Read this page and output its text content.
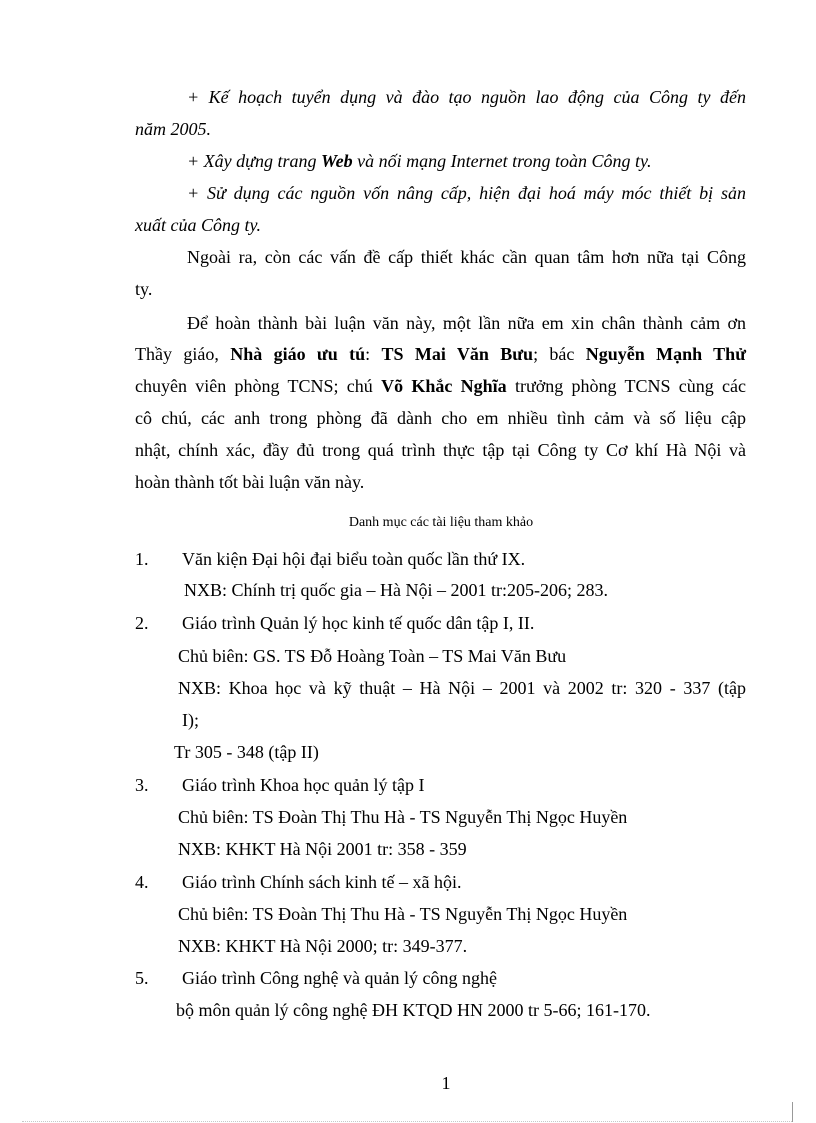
+ Kế hoạch tuyển dụng và đào tạo nguồn lao động của Công ty đến
năm 2005.
+ Xây dựng trang Web và nối mạng Internet trong toàn Công ty.
+ Sử dụng các nguồn vốn nâng cấp, hiện đại hoá máy móc thiết bị sản
xuất của Công ty.
Ngoài ra, còn các vấn đề cấp thiết khác cần quan tâm hơn nữa tại Công
ty.
Để hoàn thành bài luận văn này, một lần nữa em xin chân thành cảm ơn
Thầy giáo, Nhà giáo ưu tú: TS Mai Văn Bưu; bác Nguyễn Mạnh Thử
chuyên viên phòng TCNS; chú Võ Khắc Nghĩa trưởng phòng TCNS cùng các
cô chú, các anh trong phòng đã dành cho em nhiều tình cảm và số liệu cập
nhật, chính xác, đầy đủ trong quá trình thực tập tại Công ty Cơ khí Hà Nội và
hoàn thành tốt bài luận văn này.
Danh mục các tài liệu tham khảo
1. Văn kiện Đại hội đại biểu toàn quốc lần thứ IX.
NXB: Chính trị quốc gia – Hà Nội – 2001 tr:205-206; 283.
2. Giáo trình Quản lý học kinh tế quốc dân tập I, II.
Chủ biên: GS. TS Đỗ Hoàng Toàn – TS Mai Văn Bưu
NXB: Khoa học và kỹ thuật – Hà Nội – 2001 và 2002 tr: 320 - 337 (tập
I);
Tr 305 - 348 (tập II)
3. Giáo trình Khoa học quản lý tập I
Chủ biên: TS Đoàn Thị Thu Hà - TS Nguyễn Thị Ngọc Huyền
NXB: KHKT Hà Nội 2001 tr: 358 - 359
4. Giáo trình Chính sách kinh tế – xã hội.
Chủ biên: TS Đoàn Thị Thu Hà - TS Nguyễn Thị Ngọc Huyền
NXB: KHKT Hà Nội 2000; tr: 349-377.
5. Giáo trình Công nghệ và quản lý công nghệ
bộ môn quản lý công nghệ ĐH KTQD HN 2000 tr 5-66; 161-170.
1
